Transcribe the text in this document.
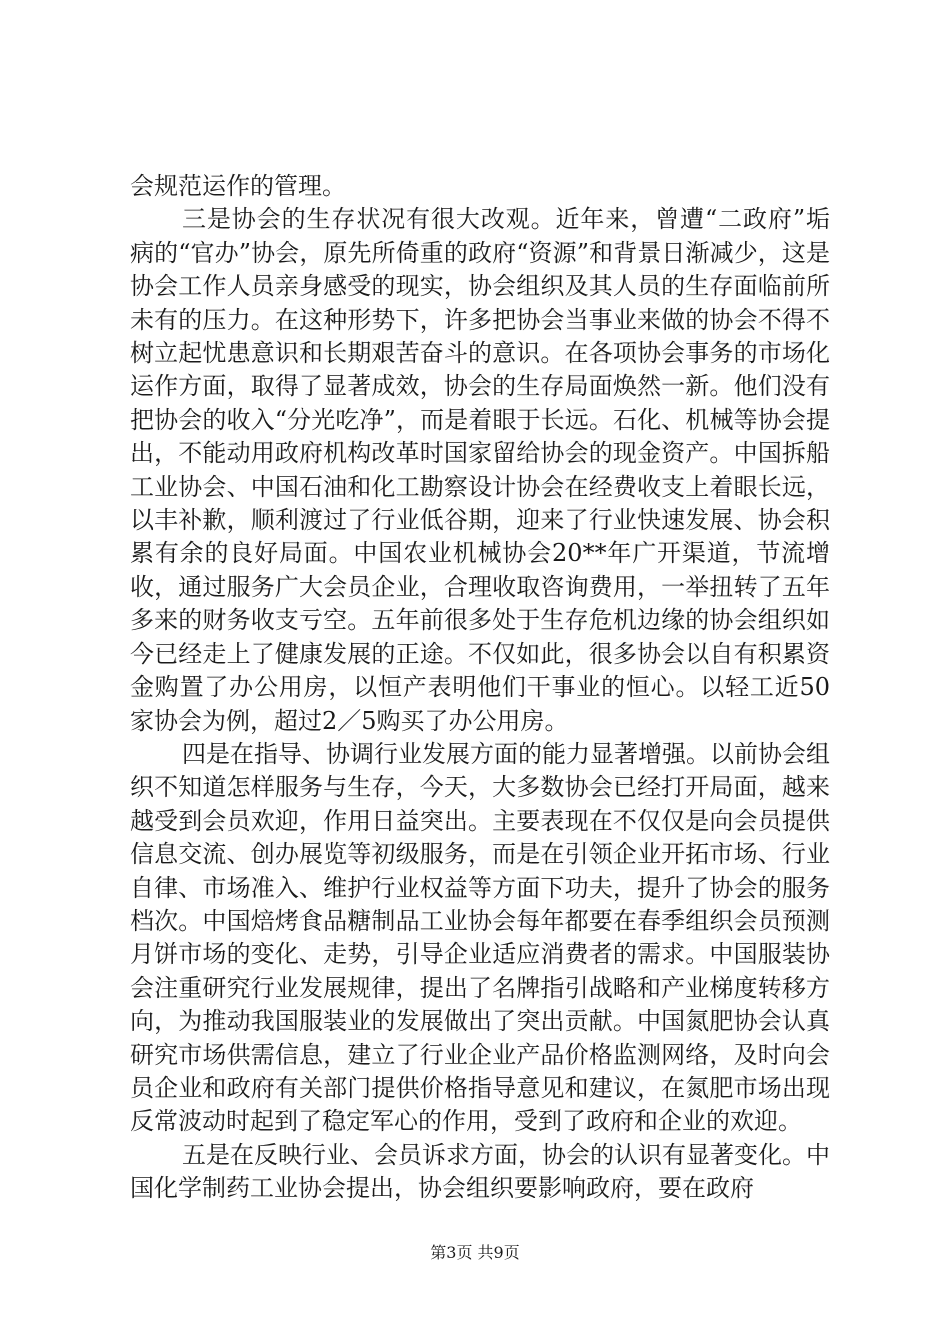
会规范运作的管理。

三是协会的生存状况有很大改观。近年来，曾遭“二政府”垢病的“官办”协会，原先所倚重的政府“资源”和背景日渐减少，这是协会工作人员亲身感受的现实，协会组织及其人员的生存面临前所未有的压力。在这种形势下，许多把协会当事业来做的协会不得不树立起忧患意识和长期艰苦奋斗的意识。在各项协会事务的市场化运作方面，取得了显著成效，协会的生存局面焕然一新。他们没有把协会的收入“分光吃净”，而是着眼于长远。石化、机械等协会提出，不能动用政府机构改革时国家留给协会的现金资产。中国拆船工业协会、中国石油和化工勘察设计协会在经费收支上着眼长远，以丰补歉，顺利渡过了行业低谷期，迎来了行业快速发展、协会积累有余的良好局面。中国农业机械协会20**年广开渠道，节流增收，通过服务广大会员企业，合理收取咨询费用，一举扭转了五年多来的财务收支亏空。五年前很多处于生存危机边缘的协会组织如今已经走上了健康发展的正途。不仅如此，很多协会以自有积累资金购置了办公用房，以恒产表明他们干事业的恒心。以轻工近50家协会为例，超过2／5购买了办公用房。

四是在指导、协调行业发展方面的能力显著增强。以前协会组织不知道怎样服务与生存，今天，大多数协会已经打开局面，越来越受到会员欢迎，作用日益突出。主要表现在不仅仅是向会员提供信息交流、创办展览等初级服务，而是在引领企业开拓市场、行业自律、市场准入、维护行业权益等方面下功夫，提升了协会的服务档次。中国焙烤食品糖制品工业协会每年都要在春季组织会员预测月饼市场的变化、走势，引导企业适应消费者的需求。中国服装协会注重研究行业发展规律，提出了名牌指引战略和产业梯度转移方向，为推动我国服装业的发展做出了突出贡献。中国氮肥协会认真研究市场供需信息，建立了行业企业产品价格监测网络，及时向会员企业和政府有关部门提供价格指导意见和建议，在氮肥市场出现反常波动时起到了稳定军心的作用，受到了政府和企业的欢迎。

五是在反映行业、会员诉求方面，协会的认识有显著变化。中国化学制药工业协会提出，协会组织要影响政府，要在政府

第3页 共9页
